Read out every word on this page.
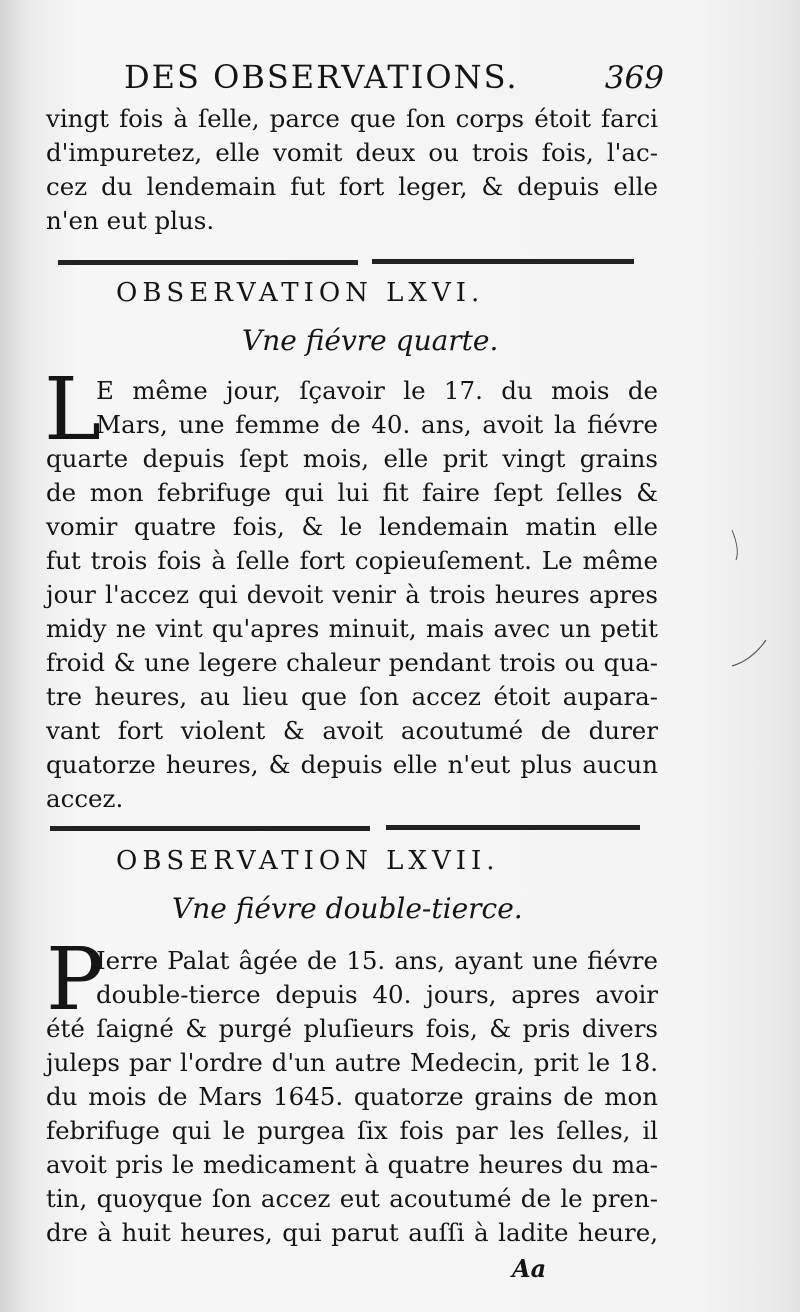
DES OBSERVATIONS.	369
vingt fois à ſelle, parce que ſon corps étoit farci
d'impuretez, elle vomit deux ou trois fois, l'ac-
cez du lendemain fut fort leger, & depuis elle
n'en eut plus.
OBSERVATION LXVI.
Vne fiévre quarte.
L
E même jour, ſçavoir le 17. du mois de
Mars, une femme de 40. ans, avoit la fiévre
quarte depuis ſept mois, elle prit vingt grains
de mon febrifuge qui lui fit faire ſept ſelles &
vomir quatre fois, & le lendemain matin elle
fut trois fois à ſelle fort copieuſement. Le même
jour l'accez qui devoit venir à trois heures apres
midy ne vint qu'apres minuit, mais avec un petit
froid & une legere chaleur pendant trois ou qua-
tre heures, au lieu que ſon accez étoit aupara-
vant fort violent & avoit acoutumé de durer
quatorze heures, & depuis elle n'eut plus aucun
accez.
OBSERVATION LXVII.
Vne fiévre double-tierce.
P
Ierre Palat âgée de 15. ans, ayant une fiévre
double-tierce depuis 40. jours, apres avoir
été ſaigné & purgé pluſieurs fois, & pris divers
juleps par l'ordre d'un autre Medecin, prit le 18.
du mois de Mars 1645. quatorze grains de mon
febrifuge qui le purgea ſix fois par les ſelles, il
avoit pris le medicament à quatre heures du ma-
tin, quoyque ſon accez eut acoutumé de le pren-
dre à huit heures, qui parut auſſi à ladite heure,
Aa
